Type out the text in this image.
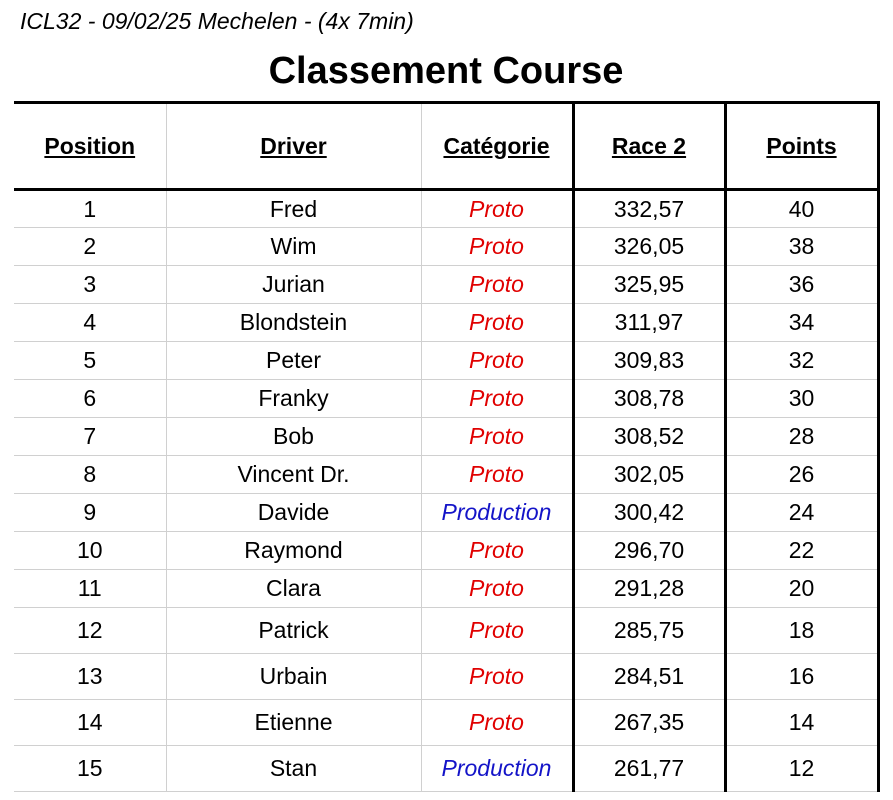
ICL32 - 09/02/25 Mechelen - (4x 7min)
Classement Course
Position	Driver	Catégorie	Race 2	Points
1	Fred	Proto	332,57	40
2	Wim	Proto	326,05	38
3	Jurian	Proto	325,95	36
4	Blondstein	Proto	311,97	34
5	Peter	Proto	309,83	32
6	Franky	Proto	308,78	30
7	Bob	Proto	308,52	28
8	Vincent Dr.	Proto	302,05	26
9	Davide	Production	300,42	24
10	Raymond	Proto	296,70	22
11	Clara	Proto	291,28	20
12	Patrick	Proto	285,75	18
13	Urbain	Proto	284,51	16
14	Etienne	Proto	267,35	14
15	Stan	Production	261,77	12
